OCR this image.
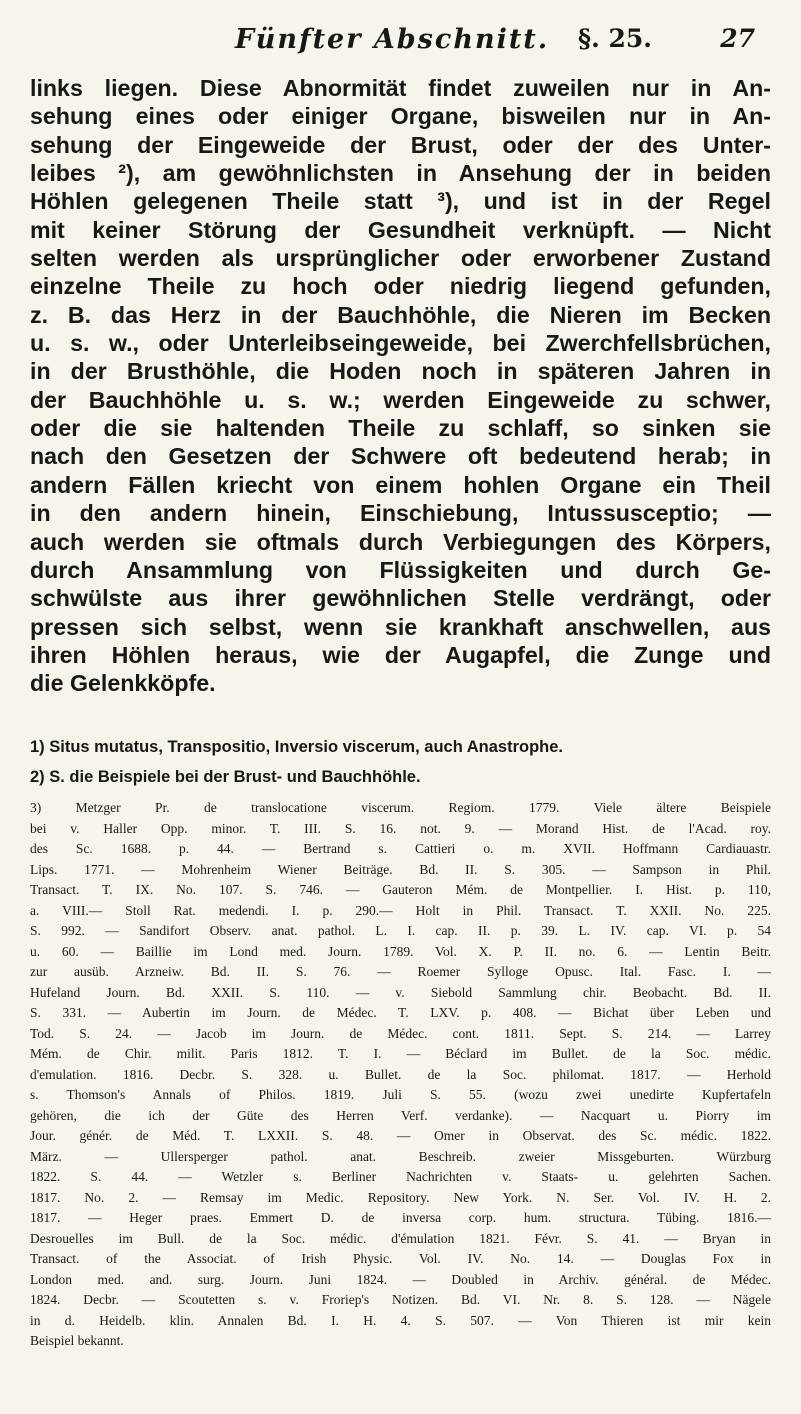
Fünfter Abschnitt. §. 25.	27
links liegen. Diese Abnormität findet zuweilen nur in An-
sehung eines oder einiger Organe, bisweilen nur in An-
sehung der Eingeweide der Brust, oder der des Unter-
leibes ²), am gewöhnlichsten in Ansehung der in beiden
Höhlen gelegenen Theile statt ³), und ist in der Regel
mit keiner Störung der Gesundheit verknüpft. — Nicht
selten werden als ursprünglicher oder erworbener Zustand
einzelne Theile zu hoch oder niedrig liegend gefunden,
z. B. das Herz in der Bauchhöhle, die Nieren im Becken
u. s. w., oder Unterleibseingeweide, bei Zwerchfellsbrüchen,
in der Brusthöhle, die Hoden noch in späteren Jahren in
der Bauchhöhle u. s. w.; werden Eingeweide zu schwer,
oder die sie haltenden Theile zu schlaff, so sinken sie
nach den Gesetzen der Schwere oft bedeutend herab; in
andern Fällen kriecht von einem hohlen Organe ein Theil
in den andern hinein, Einschiebung, Intussusceptio; —
auch werden sie oftmals durch Verbiegungen des Körpers,
durch Ansammlung von Flüssigkeiten und durch Ge-
schwülste aus ihrer gewöhnlichen Stelle verdrängt, oder
pressen sich selbst, wenn sie krankhaft anschwellen, aus
ihren Höhlen heraus, wie der Augapfel, die Zunge und
die Gelenkköpfe.
1) Situs mutatus, Transpositio, Inversio viscerum, auch Anastrophe.
2) S. die Beispiele bei der Brust- und Bauchhöhle.
3) Metzger Pr. de translocatione viscerum. Regiom. 1779. Viele ältere Beispiele
bei v. Haller Opp. minor. T. III. S. 16. not. 9. — Morand Hist. de l'Acad. roy.
des Sc. 1688. p. 44. — Bertrand s. Cattieri o. m. XVII. Hoffmann Cardiauastr.
Lips. 1771. — Mohrenheim Wiener Beiträge. Bd. II. S. 305. — Sampson in Phil.
Transact. T. IX. No. 107. S. 746. — Gauteron Mém. de Montpellier. I. Hist. p. 110,
a. VIII.— Stoll Rat. medendi. I. p. 290.— Holt in Phil. Transact. T. XXII. No. 225.
S. 992. — Sandifort Observ. anat. pathol. L. I. cap. II. p. 39. L. IV. cap. VI. p. 54
u. 60. — Baillie im Lond med. Journ. 1789. Vol. X. P. II. no. 6. — Lentin Beitr.
zur ausüb. Arzneiw. Bd. II. S. 76. — Roemer Sylloge Opusc. Ital. Fasc. I. —
Hufeland Journ. Bd. XXII. S. 110. — v. Siebold Sammlung chir. Beobacht. Bd. II.
S. 331. — Aubertin im Journ. de Médec. T. LXV. p. 408. — Bichat über Leben und
Tod. S. 24. — Jacob im Journ. de Médec. cont. 1811. Sept. S. 214. — Larrey
Mém. de Chir. milit. Paris 1812. T. I. — Béclard im Bullet. de la Soc. médic.
d'emulation. 1816. Decbr. S. 328. u. Bullet. de la Soc. philomat. 1817. — Herhold
s. Thomson's Annals of Philos. 1819. Juli S. 55. (wozu zwei unedirte Kupfertafeln
gehören, die ich der Güte des Herren Verf. verdanke). — Nacquart u. Piorry im
Jour. génér. de Méd. T. LXXII. S. 48. — Omer in Observat. des Sc. médic. 1822.
März. — Ullersperger pathol. anat. Beschreib. zweier Missgeburten. Würzburg
1822. S. 44. — Wetzler s. Berliner Nachrichten v. Staats- u. gelehrten Sachen.
1817. No. 2. — Remsay im Medic. Repository. New York. N. Ser. Vol. IV. H. 2.
1817. — Heger praes. Emmert D. de inversa corp. hum. structura. Tübing. 1816.—
Desrouelles im Bull. de la Soc. médic. d'émulation 1821. Févr. S. 41. — Bryan in
Transact. of the Associat. of Irish Physic. Vol. IV. No. 14. — Douglas Fox in
London med. and. surg. Journ. Juni 1824. — Doubled in Archiv. général. de Médec.
1824. Decbr. — Scoutetten s. v. Froriep's Notizen. Bd. VI. Nr. 8. S. 128. — Nägele
in d. Heidelb. klin. Annalen Bd. I. H. 4. S. 507. — Von Thieren ist mir kein
Beispiel bekannt.
